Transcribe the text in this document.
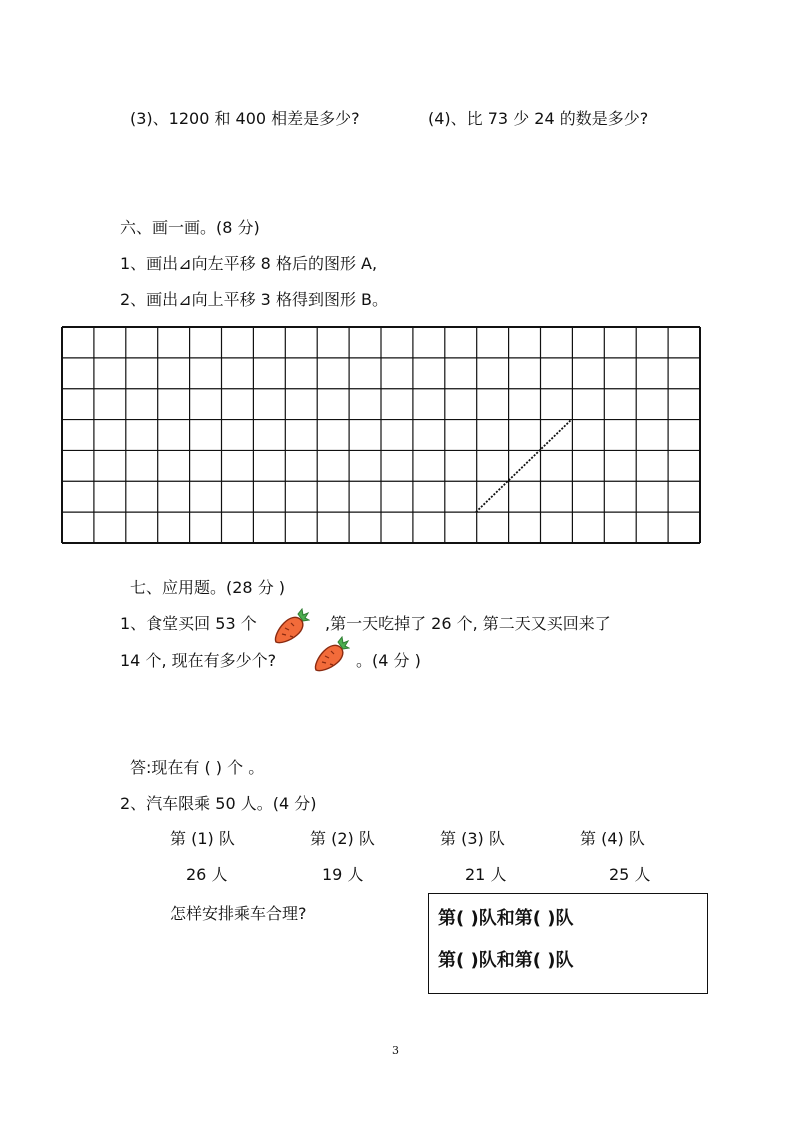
(3)、1200 和 400 相差是多少?	(4)、比 73 少 24 的数是多少?
六、画一画。(8 分)
1、画出⊿向左平移 8 格后的图形 A,
2、画出⊿向上平移 3 格得到图形 B。
七、应用题。(28 分 )
1、食堂买回 53 个	,第一天吃掉了 26 个, 第二天又买回来了
14 个, 现在有多少个?	。(4 分 )
答:现在有 ( ) 个 。
2、汽车限乘 50 人。(4 分)
第 (1) 队	第 (2) 队	第 (3) 队	第 (4) 队
26 人	19 人	21 人	25 人
怎样安排乘车合理?	第( )队和第( )队
第( )队和第( )队
3
